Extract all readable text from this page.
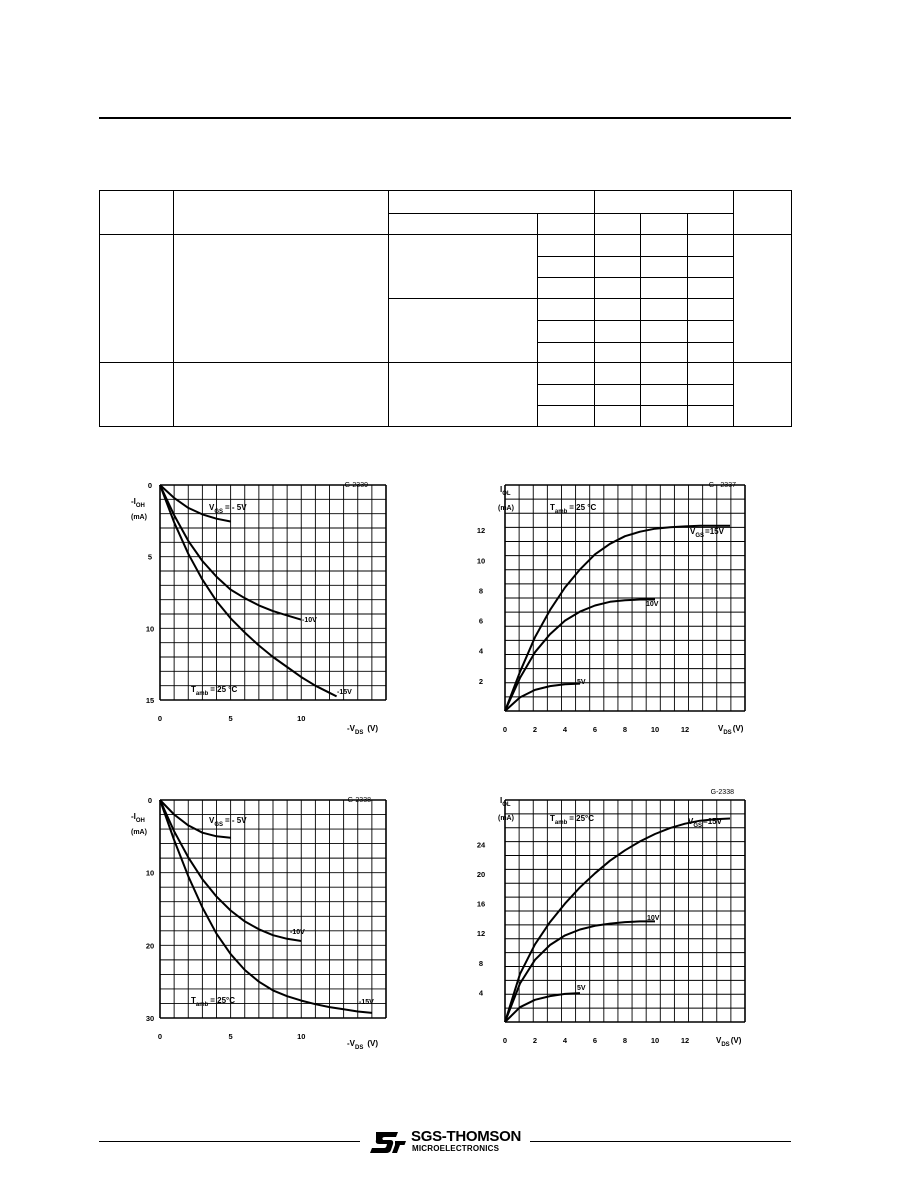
G-2339
$-I_{OH}$
(mA)
$-V_{DS}$ (V)
$V_{GS}$ = - 5V
$T_{amb} = 25$ °C
-10V
-15V
0	5	10
0
5
10
15
G - 2337
$I_{OL}$
(mA)
$V_{DS}(V)$
$T_{amb} = 25$ °C
$V_{GS}=15V$
10V
5V
0	2	4	6	8	10	12
2
4
6
8
10
12
G-2338
$-I_{OH}$
(mA)
$-V_{DS}$ (V)
$V_{GS}$ = - 5V
$T_{amb} = 25^\circ C$
-10V
-15V
0	5	10
0
10
20
30
G-2338
$I_{OL}$
(mA)
$V_{DS}(V)$
$T_{amb} = 25^\circ C$	$V_{GS}=15V$
10V
5V
0	2	4	6	8	10	12
4
8
12
16
20
24
SGS-THOMSON
MICROELECTRONICS
